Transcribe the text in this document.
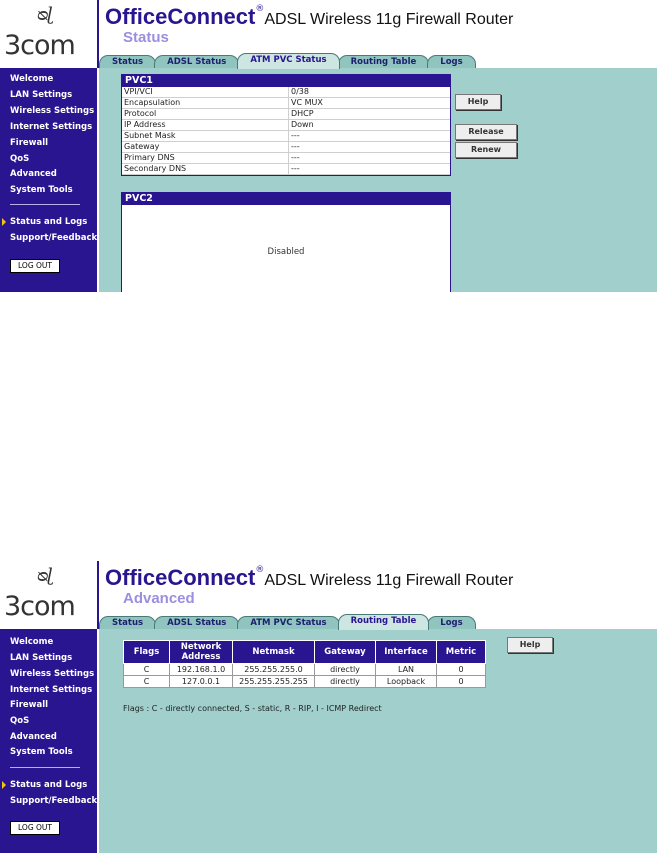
ᴓɭ
3com
OfficeConnect®ADSL Wireless 11g Firewall Router
Status
Status	ADSL Status	ATM PVC Status	Routing Table	Logs
Welcome
LAN Settings
Wireless Settings
Internet Settings
Firewall
QoS
Advanced
System Tools
Status and Logs
Support/Feedback
LOG OUT
PVC1
VPI/VCI	0/38
Encapsulation	VC MUX
Protocol	DHCP
IP Address	Down
Subnet Mask	---
Gateway	---
Primary DNS	---
Secondary DNS	---
PVC2
Disabled
Help
Release
Renew
ᴓɭ
3com
OfficeConnect®ADSL Wireless 11g Firewall Router
Advanced
Status	ADSL Status	ATM PVC Status	Routing Table	Logs
Welcome
LAN Settings
Wireless Settings
Internet Settings
Firewall
QoS
Advanced
System Tools
Status and Logs
Support/Feedback
LOG OUT
Flags	Network Address	Netmask	Gateway	Interface	Metric
C	192.168.1.0	255.255.255.0	directly	LAN	0
C	127.0.0.1	255.255.255.255	directly	Loopback	0
Flags : C - directly connected, S - static, R - RIP, I - ICMP Redirect
Help
